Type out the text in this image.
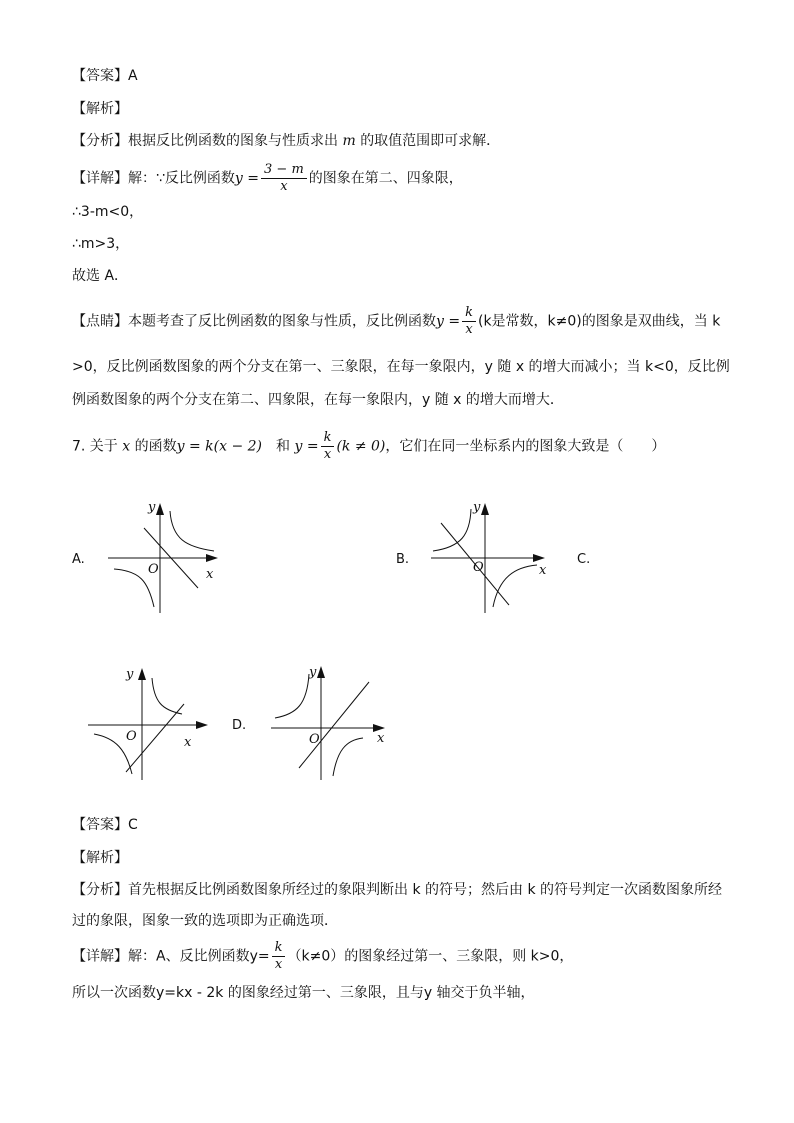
【答案】A
【解析】
【分析】根据反比例函数的图象与性质求出 m 的取值范围即可求解．
【详解】解：∵反比例函数$y = \frac{3 - m}{x}$ 的图象在第二、四象限，
∴3-m<0，
∴m>3，
故选 A．
【点睛】本题考查了反比例函数的图象与性质，反比例函数$y = \frac{k}{x} (k$是常数，k≠0)的图象是双曲线，当 k
>0，反比例函数图象的两个分支在第一、三象限，在每一象限内，y 随 x 的增大而减小；当 k<0，反比例
例函数图象的两个分支在第二、四象限，在每一象限内，y 随 x 的增大而增大．
7. 关于 x 的函数y = k(x − 2)　 和 $y = \frac{k}{x} (k \ne 0)$，它们在同一坐标系内的图象大致是（　　）
A.	B.	C.
D.
y
O	x
y
O	x
y
O	x
y
O	x
【答案】C
【解析】
【分析】首先根据反比例函数图象所经过的象限判断出 k 的符号；然后由 k 的符号判定一次函数图象所经
过的象限，图象一致的选项即为正确选项．
【详解】解：A、反比例函数$y= \frac{k}{x} (k\ne 0)$的图象经过第一、三象限，则 k>0，
所以一次函数y=kx - 2k 的图象经过第一、三象限，且与y 轴交于负半轴，
